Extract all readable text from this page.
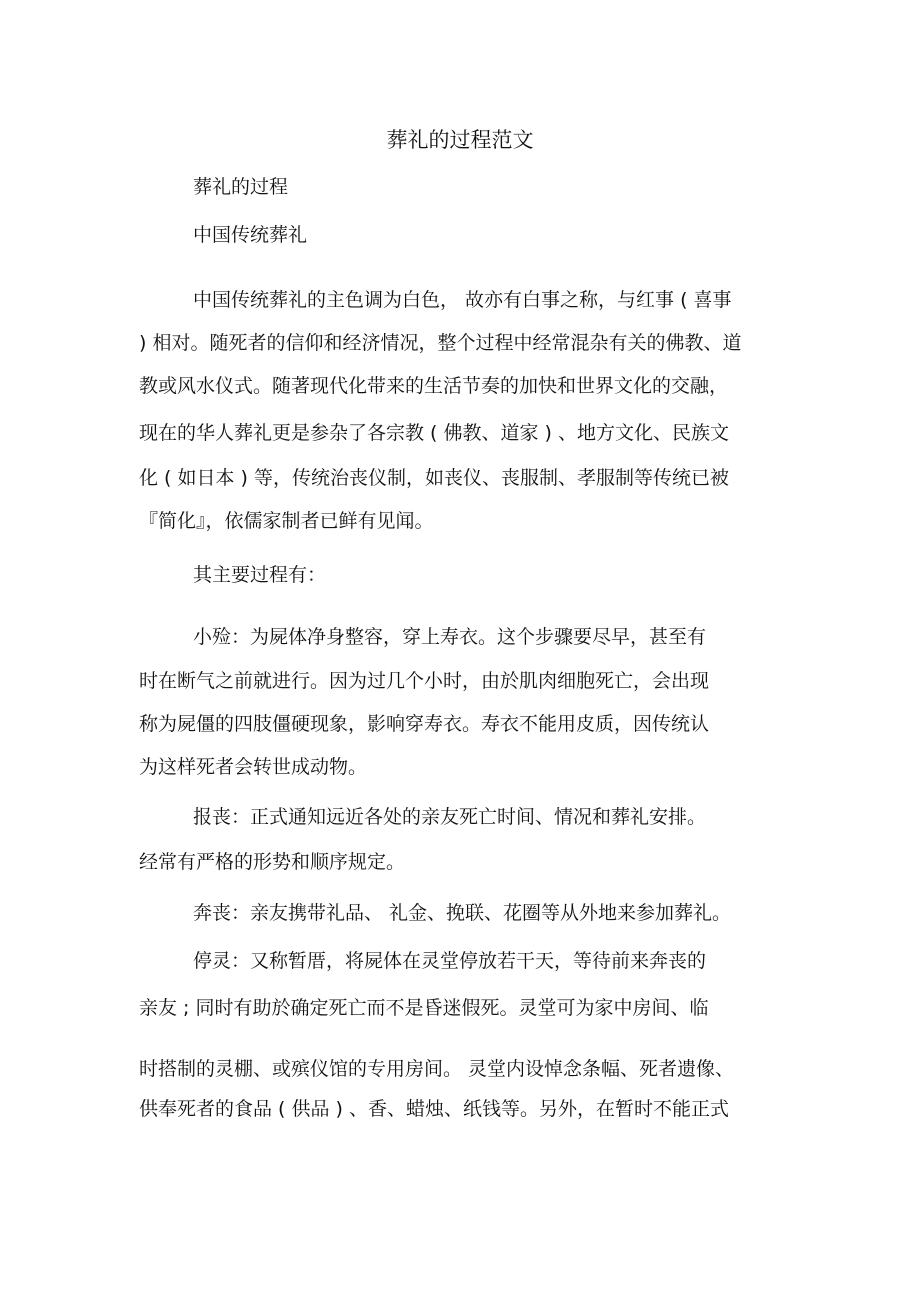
葬礼的过程范文
葬礼的过程
中国传统葬礼
中国传统葬礼的主色调为白色， 故亦有白事之称，与红事 ( 喜事
) 相对。随死者的信仰和经济情况，整个过程中经常混杂有关的佛教、道
教或风水仪式。随著现代化带来的生活节奏的加快和世界文化的交融，
现在的华人葬礼更是参杂了各宗教 ( 佛教、道家 ) 、地方文化、民族文
化 ( 如日本 ) 等，传统治丧仪制，如丧仪、丧服制、孝服制等传统已被
『简化』，依儒家制者已鲜有见闻。
其主要过程有：
小殓：为屍体净身整容，穿上寿衣。这个步骤要尽早，甚至有
时在断气之前就进行。因为过几个小时，由於肌肉细胞死亡，会出现
称为屍僵的四肢僵硬现象，影响穿寿衣。寿衣不能用皮质，因传统认
为这样死者会转世成动物。
报丧：正式通知远近各处的亲友死亡时间、情况和葬礼安排。
经常有严格的形势和顺序规定。
奔丧：亲友携带礼品、 礼金、挽联、花圈等从外地来参加葬礼。
停灵：又称暂厝，将屍体在灵堂停放若干天，等待前来奔丧的
亲友 ; 同时有助於确定死亡而不是昏迷假死。灵堂可为家中房间、临
时搭制的灵棚、或殡仪馆的专用房间。 灵堂内设悼念条幅、死者遗像、
供奉死者的食品 ( 供品 ) 、香、蜡烛、纸钱等。另外，在暂时不能正式
